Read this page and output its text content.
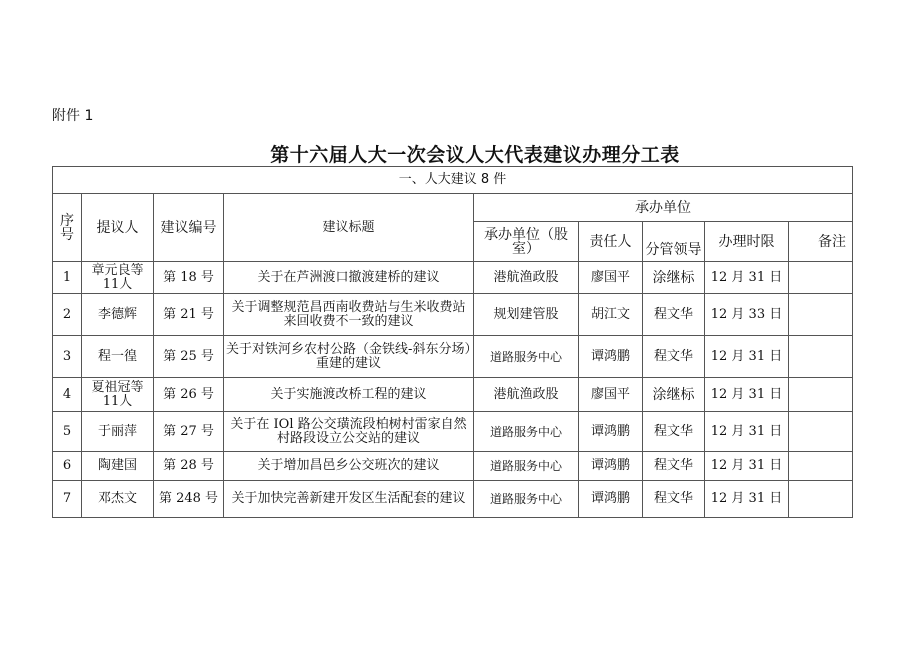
附件 1
第十六届人大一次会议人大代表建议办理分工表
一、人大建议 8 件								
序号	提议人	建议编号	建议标题	承办单位				
				承办单位（股室）	责任人	分管领导	办理时限	备注
1	章元良等11人	第 18 号	关于在芦洲渡口撤渡建桥的建议	港航渔政股	廖国平	涂继标	12 月 31 日	
2	李德辉	第 21 号	关于调整规范昌西南收费站与生米收费站来回收费不一致的建议	规划建管股	胡江文	程文华	12 月 33 日	
3	程一徨	第 25 号	关于对铁河乡农村公路（金铁线-斜东分场）重建的建议	道路服务中心	谭鸿鹏	程文华	12 月 31 日	
4	夏祖冠等11人	第 26 号	关于实施渡改桥工程的建议	港航渔政股	廖国平	涂继标	12 月 31 日	
5	于丽萍	第 27 号	关于在 IOl 路公交璜流段柏树村雷家自然村路段设立公交站的建议	道路服务中心	谭鸿鹏	程文华	12 月 31 日	
6	陶建国	第 28 号	关于增加昌邑乡公交班次的建议	道路服务中心	谭鸿鹏	程文华	12 月 31 日	
7	邓杰文	第 248 号	关于加快完善新建开发区生活配套的建议	道路服务中心	谭鸿鹏	程文华	12 月 31 日	
